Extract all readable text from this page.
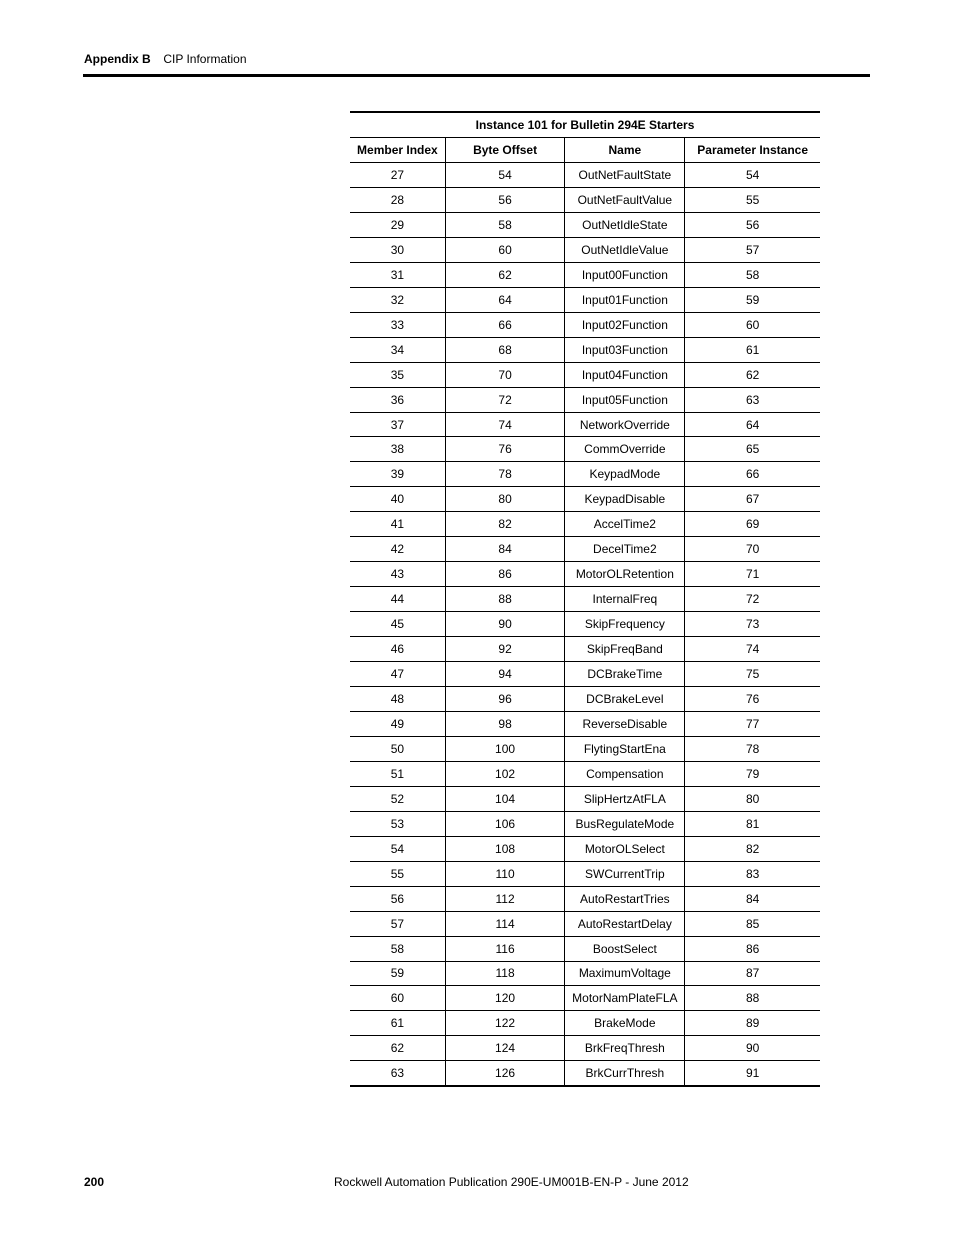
Appendix B CIP Information
Instance 101 for Bulletin 294E Starters			
Member Index	Byte Offset	Name	Parameter Instance
27	54	OutNetFaultState	54
28	56	OutNetFaultValue	55
29	58	OutNetIdleState	56
30	60	OutNetIdleValue	57
31	62	Input00Function	58
32	64	Input01Function	59
33	66	Input02Function	60
34	68	Input03Function	61
35	70	Input04Function	62
36	72	Input05Function	63
37	74	NetworkOverride	64
38	76	CommOverride	65
39	78	KeypadMode	66
40	80	KeypadDisable	67
41	82	AccelTime2	69
42	84	DecelTime2	70
43	86	MotorOLRetention	71
44	88	InternalFreq	72
45	90	SkipFrequency	73
46	92	SkipFreqBand	74
47	94	DCBrakeTime	75
48	96	DCBrakeLevel	76
49	98	ReverseDisable	77
50	100	FlytingStartEna	78
51	102	Compensation	79
52	104	SlipHertzAtFLA	80
53	106	BusRegulateMode	81
54	108	MotorOLSelect	82
55	110	SWCurrentTrip	83
56	112	AutoRestartTries	84
57	114	AutoRestartDelay	85
58	116	BoostSelect	86
59	118	MaximumVoltage	87
60	120	MotorNamPlateFLA	88
61	122	BrakeMode	89
62	124	BrkFreqThresh	90
63	126	BrkCurrThresh	91
200	Rockwell Automation Publication 290E-UM001B-EN-P - June 2012
